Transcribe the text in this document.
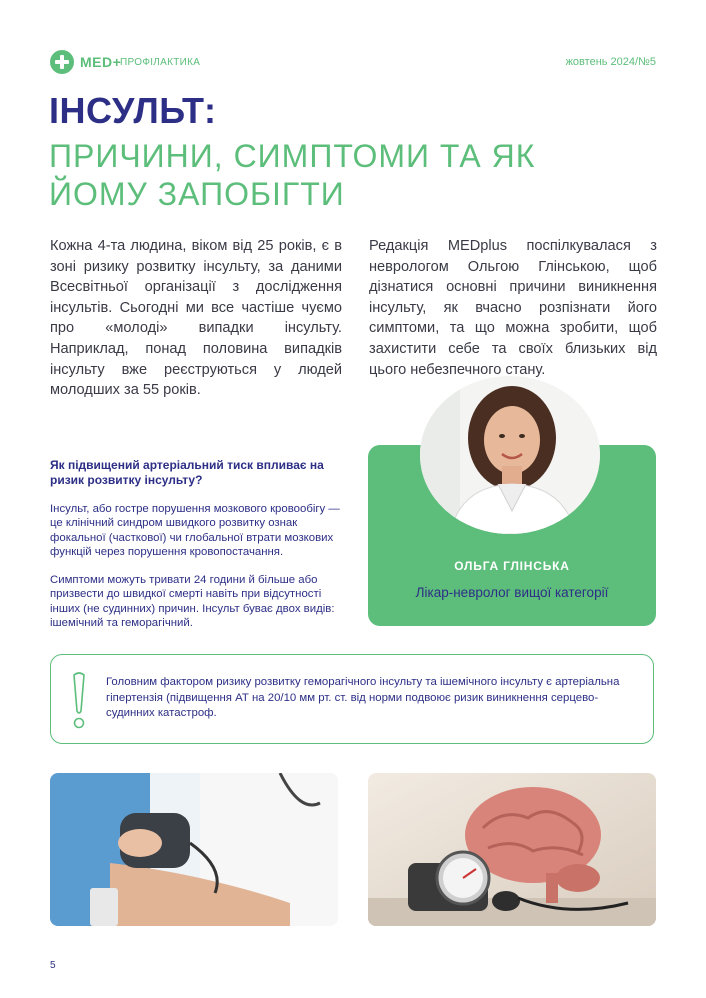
MED+
ПРОФІЛАКТИКА	жовтень 2024/№5
ІНСУЛЬТ:
ПРИЧИНИ, СИМПТОМИ ТА ЯК ЙОМУ ЗАПОБІГТИ
Кожна 4-та людина, віком від 25 років, є в зоні ризику розвитку інсульту, за даними Всесвітньої організації з дослідження інсультів. Сьогодні ми все частіше чуємо про «молоді» випадки інсульту. Наприклад, понад половина випадків інсульту вже реєструються у людей молодших за 55 років.
Редакція MEDplus поспілкувалася з неврологом Ольгою Глінською, щоб дізнатися основні причини виникнення інсульту, як вчасно розпізнати його симптоми, та що можна зробити, щоб захистити себе та своїх близьких від цього небезпечного стану.
Як підвищений артеріальний тиск впливає на ризик розвитку інсульту?
Інсульт, або гостре порушення мозкового кровообігу — це клінічний синдром швидкого розвитку ознак фокальної (часткової) чи глобальної втрати мозкових функцій через порушення кровопостачання.
Симптоми можуть тривати 24 години й більше або призвести до швидкої смерті навіть при відсутності інших (не судинних) причин. Інсульт буває двох видів: ішемічний та геморагічний.
ОЛЬГА ГЛІНСЬКА
Лікар-невролог вищої категорії
Головним фактором ризику розвитку геморагічного інсульту та ішемічного інсульту є артеріальна гіпертензія (підвищення АТ на 20/10 мм рт. ст. від норми подвоює ризик виникнення серцево-судинних катастроф.
5
